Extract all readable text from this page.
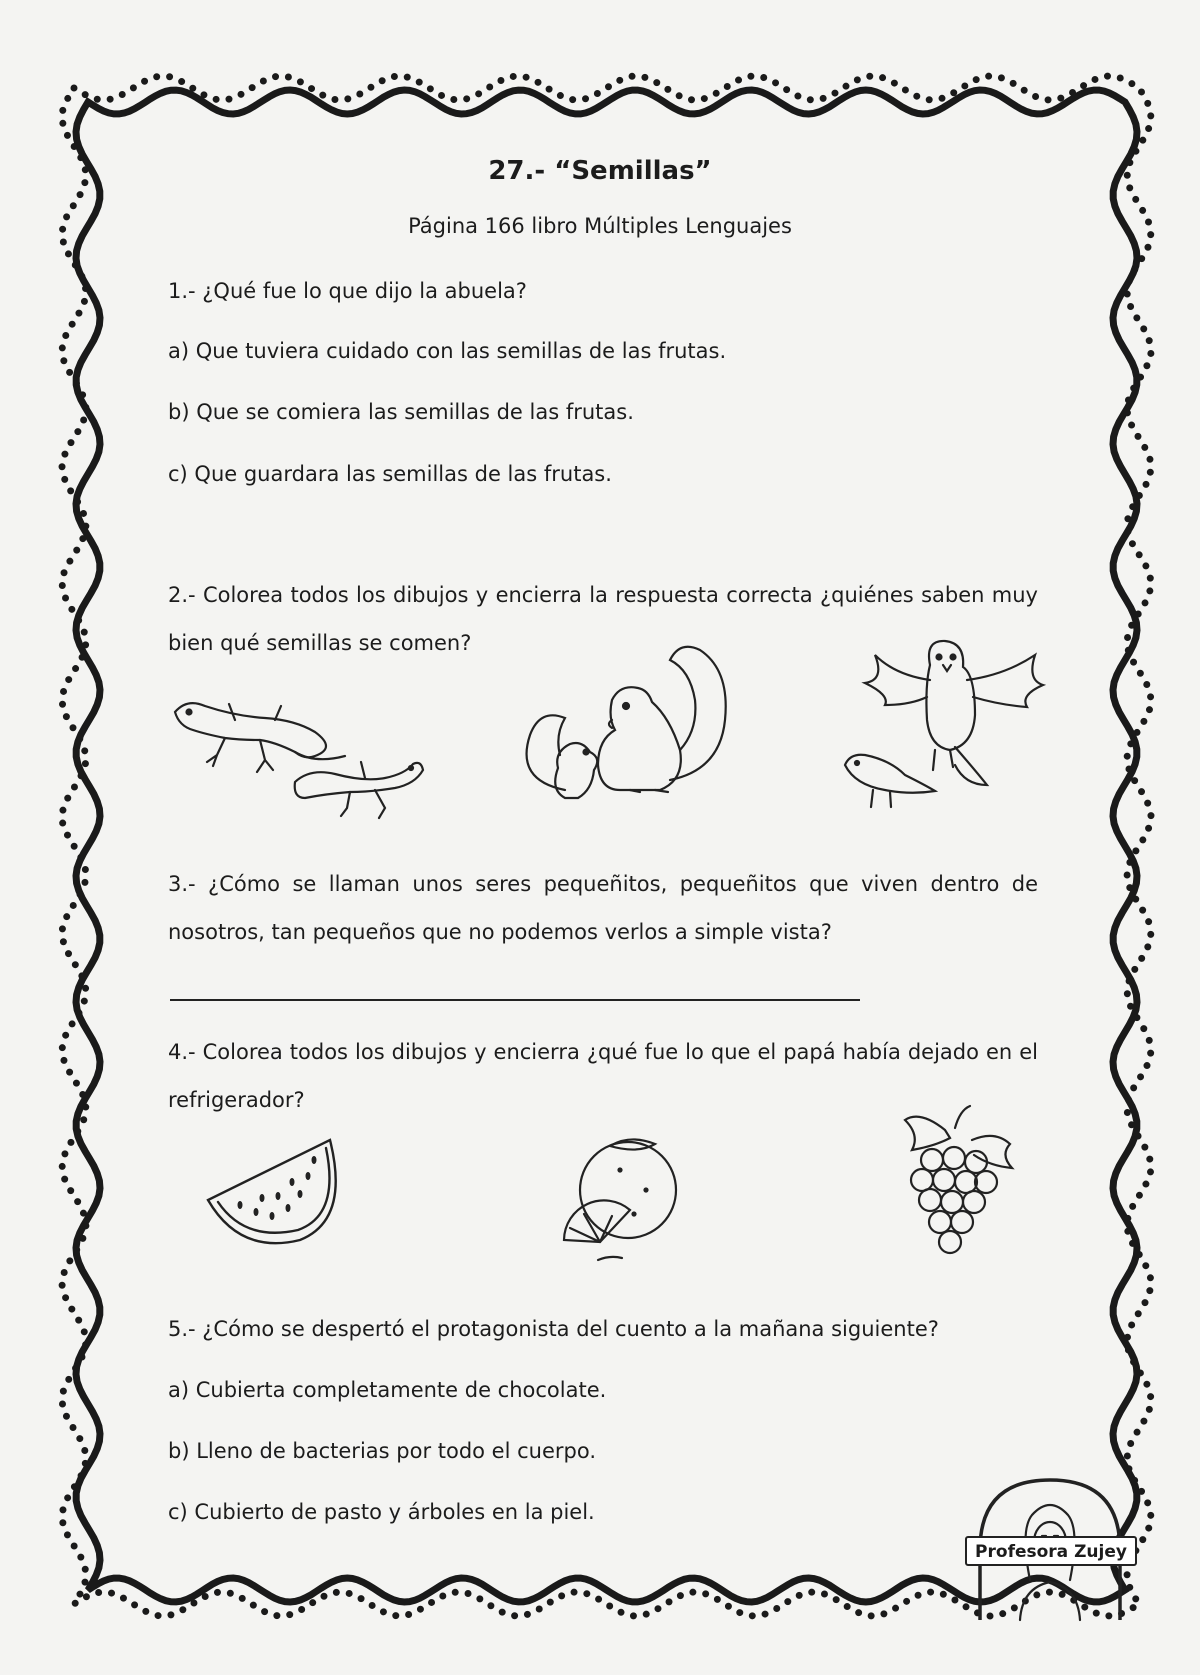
27.- “Semillas”
Página 166 libro Múltiples Lenguajes
1.- ¿Qué fue lo que dijo la abuela?
a) Que tuviera cuidado con las semillas de las frutas.
b) Que se comiera las semillas de las frutas.
c) Que guardara las semillas de las frutas.
2.- Colorea todos los dibujos y encierra la respuesta correcta ¿quiénes saben muy bien qué semillas se comen?
3.- ¿Cómo se llaman unos seres pequeñitos, pequeñitos que viven dentro de nosotros, tan pequeños que no podemos verlos a simple vista?
4.- Colorea todos los dibujos y encierra ¿qué fue lo que el papá había dejado en el refrigerador?
5.- ¿Cómo se despertó el protagonista del cuento a la mañana siguiente?
a) Cubierta completamente de chocolate.
b) Lleno de bacterias por todo el cuerpo.
c) Cubierto de pasto y árboles en la piel.
Profesora Zujey
